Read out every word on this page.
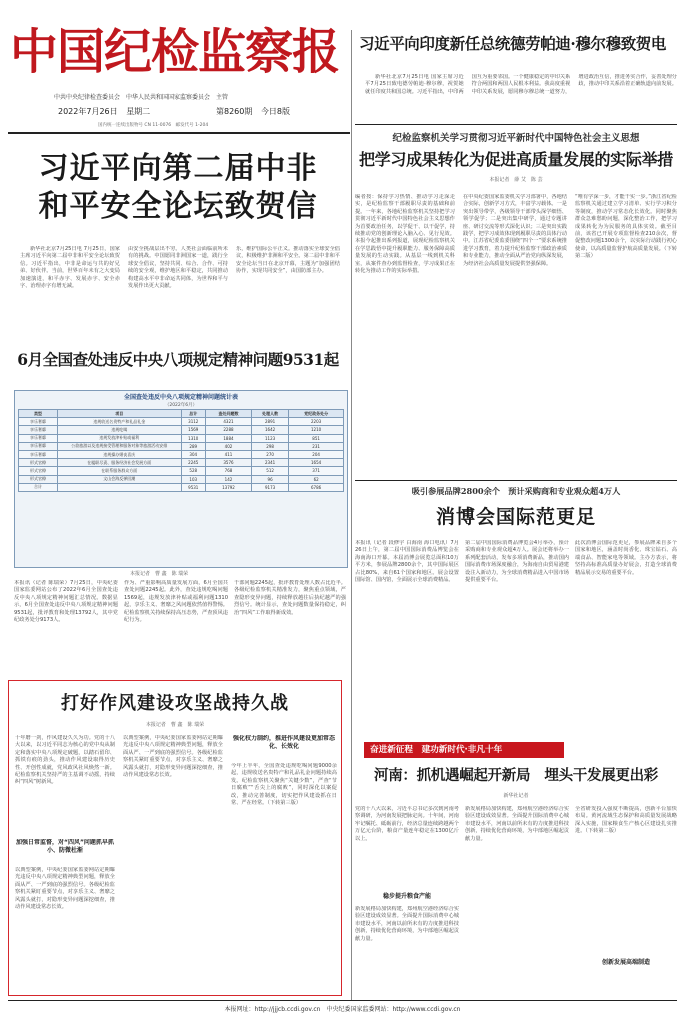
中国纪检监察报
中共中央纪律检查委员会　中华人民共和国国家监察委员会　主管
2022年7月26日 星期二	第8260期 今日8版
国内统一连续出版物号 CN 11-0076　邮发代号 1-204
习近平向印度新任总统德劳帕迪·穆尔穆致贺电
新华社北京7月25日电 国家主席习近平7月25日致电德劳帕迪·穆尔穆，祝贺她就任印度共和国总统。习近平指出，中印两国互为重要邻国。一个健康稳定的中印关系符合两国和两国人民根本利益。我高度重视中印关系发展，愿同穆尔穆总统一道努力，增进政治互信，推进务实合作，妥善处理分歧，推动中印关系沿着正确轨道向前发展。
纪检监察机关学习贯彻习近平新时代中国特色社会主义思想
把学习成果转化为促进高质量发展的实际举措
本报记者　薛 艾　陈 芸
编者按：保持学习热情、推动学习走深走实，是纪检监察干部履职尽责的基础和前提。一年来，各地纪检监察机关坚持把学习贯彻习近平新时代中国特色社会主义思想作为首要政治任务，以学促干、以干促学，持续推动党的创新理论入脑入心、见行见效。本报今起推出系列报道，展现纪检监察机关在学思践悟中提升履职能力、服务保障高质量发展的生动实践。从基层一线到机关科室，从案件查办到监督检查，学习成果正在转化为推动工作的实际举措。
在中央纪委国家监委机关学习部署中，各地结合实际，创新学习方式，丰富学习载体。一是突出领导带学，各级领导干部带头深学细悟、领学促学；二是突出集中研学，通过专题讲座、研讨交流等形式深化认识；三是突出实践践学，把学习成效体现到履职尽责的具体行动中。江苏省纪委监委围绕“四个一”要求系统推进学习教育，着力提升纪检监察干部政治素质和专业能力，推动全面从严治党向纵深发展，为经济社会高质量发展提供坚强保障。
“唯有学深一步，才能干实一步。”浙江省纪检监察机关通过建立学习清单、实行学习积分等制度，推动学习常态化长效化。同时聚焦群众急难愁盼问题，深化整治工作，把学习成果转化为为民服务的具体实效。截至目前，该省已开展专项监督检查210余次，督促整改问题1300余个，以实际行动践行初心使命，以高质量监督护航高质量发展。（下转第二版）
习近平向第二届中非
和平安全论坛致贺信
新华社北京7月25日电 7月25日，国家主席习近平向第二届中非和平安全论坛致贺信。习近平指出，中非是命运与共的好兄弟、好伙伴。当前，世界百年未有之大变局加速演进，和平赤字、发展赤字、安全赤字、治理赤字有增无减。
由安全挑战层出不穷。人类社会面临前所未有的挑战。中国愿同非洲国家一道，践行全球安全倡议，坚持共同、综合、合作、可持续的安全观，维护地区和平稳定，共同推动构建高水平中非命运共同体，为世界和平与发展作出更大贡献。
乐，维护国际公平正义。推动落实全球安全倡议，积极维护非洲和平安全。第二届中非和平安全论坛当日在北京开幕，主题为“加强团结协作，实现共同安全”，由国防部主办。
6月全国查处违反中央八项规定精神问题9531起
全国查处违反中央八项规定精神问题统计表
（2022年6月）
类型	项目	总计	查处问题数	处理人数	党纪政务处分
享乐奢靡	违规收送名贵特产和礼品礼金	3112	4321	2891	2203
享乐奢靡	违规吃喝	1569	2288	1642	1210
享乐奢靡	违规发放津补贴或福利	1310	1884	1123	851
享乐奢靡	公款旅游以及违规接受管理和服务对象等旅游活动安排	289	402	298	231
享乐奢靡	违规操办婚丧喜庆	304	411	270	204
形式官僚	在履职尽责、服务经济社会发展方面	2245	3576	2341	1654
形式官僚	在联系服务群众方面	528	768	512	371
形式官僚	文山会海反弹回潮	103	142	96	62
合计		9531	13792	9173	6786
本报记者　曹 鑫　陈 瑞荣
本报讯（记者 陈瑞荣）7月25日，中央纪委国家监委网站公布了2022年6月全国查处违反中央八项规定精神问题汇总情况。数据显示，6月全国查处违反中央八项规定精神问题9531起，批评教育和处理13792人，其中党纪政务处分9173人。
作为、严重影响高质量发展方面，6月全国共查处问题2245起。此外，查处违规吃喝问题1569起，违规发放津补贴或福利问题1310起，享乐主义、奢靡之风问题依然值得警惕。纪检监察机关持续保持高压态势，严查顶风违纪行为。
干部问题2245起，批评教育处理人数占比近半。各级纪检监察机关精准发力，聚焦重点领域，严查隐形变异问题，持续释放越往后执纪越严的强烈信号。统计显示，查处问题数量保持稳定，纠治“四风”工作取得新成效。
吸引参展品牌2800余个　预计采购商和专业观众超4万人
消博会国际范更足
本报讯（记者 段修宇 白海南 海口电讯）7月26日上午，第二届中国国际消费品博览会在海南海口开幕。本届消博会展览总面积10万平方米，参展品牌2800余个，其中国际展区占比80%，来自61个国家和地区。展会设置国际馆、国内馆，全面展示全球消费精品。
第二届中国国际消费品博览会4月举办，预计采购商和专业观众超4万人。展会还将举办一系列配套活动，发布多项消费新品，推动国内国际消费市场深度融合，为海南自由贸易港建设注入新动力，为全球消费精品进入中国市场提供重要平台。
此次消博会国际范更足，参展品牌来自多个国家和地区，涵盖时尚香化、珠宝钻石、高端食品、智能家电等领域。主办方表示，将坚持高标准高质量办好展会，打造全球消费精品展示交易的重要平台。
打好作风建设攻坚战持久战
本报记者　曹 鑫　陈 瑞荣
十年磨一剑，作风建设久久为功。党的十八大以来，以习近平同志为核心的党中央从制定和落实中央八项规定破题，以踏石留印、抓铁有痕的劲头，推动作风建设取得历史性、开创性成就，党风政风社风焕然一新。纪检监察机关坚持严的主基调不动摇，持续纠“四风”树新风。
加强日常监督，对“四风”问题抓早抓小、防微杜渐
以典型案例，中央纪委国家监委网站定期曝光违反中央八项规定精神典型问题，释放全面从严、一严到底的强烈信号。各级纪检监察机关紧盯重要节点，对享乐主义、奢靡之风露头就打，对隐形变异问题深挖细查，推动作风建设常态长效。
以典型案例，中央纪委国家监委网站定期曝光违反中央八项规定精神典型问题，释放全面从严、一严到底的强烈信号。各级纪检监察机关紧盯重要节点，对享乐主义、奢靡之风露头就打，对隐形变异问题深挖细查，推动作风建设常态长效。
强化权力制约，推进作风建设更加常态化、长效化
今年上半年，全国查处违规吃喝问题9000余起，违规收送名贵特产和礼品礼金问题持续高发。纪检监察机关聚焦“关键少数”，严查“节日腐败”“舌尖上的腐败”，同时深化以案促改，推动完善制度，切实把作风建设抓在日常、严在经常。（下转第三版）
奋进新征程　建功新时代·非凡十年
河南：抓机遇崛起开新局　埋头干发展更出彩
新华社记者
党的十八大以来，习近平总书记多次到河南考察调研，为河南发展把脉定向。十年间，河南牢记嘱托、砥砺前行，经济总量连续跨越两个万亿元台阶，粮食产量连年稳定在1300亿斤以上。
稳步提升粮食产能
新发展格局加快构建，郑州航空港经济综合实验区建设成效显著。全面提升国际消费中心城市建设水平，河南以前所未有的力度推进科技创新，持续优化营商环境，为中部地区崛起贡献力量。
新发展格局加快构建，郑州航空港经济综合实验区建设成效显著。全面提升国际消费中心城市建设水平，河南以前所未有的力度推进科技创新，持续优化营商环境，为中部地区崛起贡献力量。
全省研发投入强度不断提高，创新平台加快布局。黄河流域生态保护和高质量发展战略深入实施，国家粮食生产核心区建设扎实推进。（下转第二版）
创新发展高端制造
本报网址：http://jjjcb.ccdi.gov.cn　中央纪委国家监委网站：http://www.ccdi.gov.cn
